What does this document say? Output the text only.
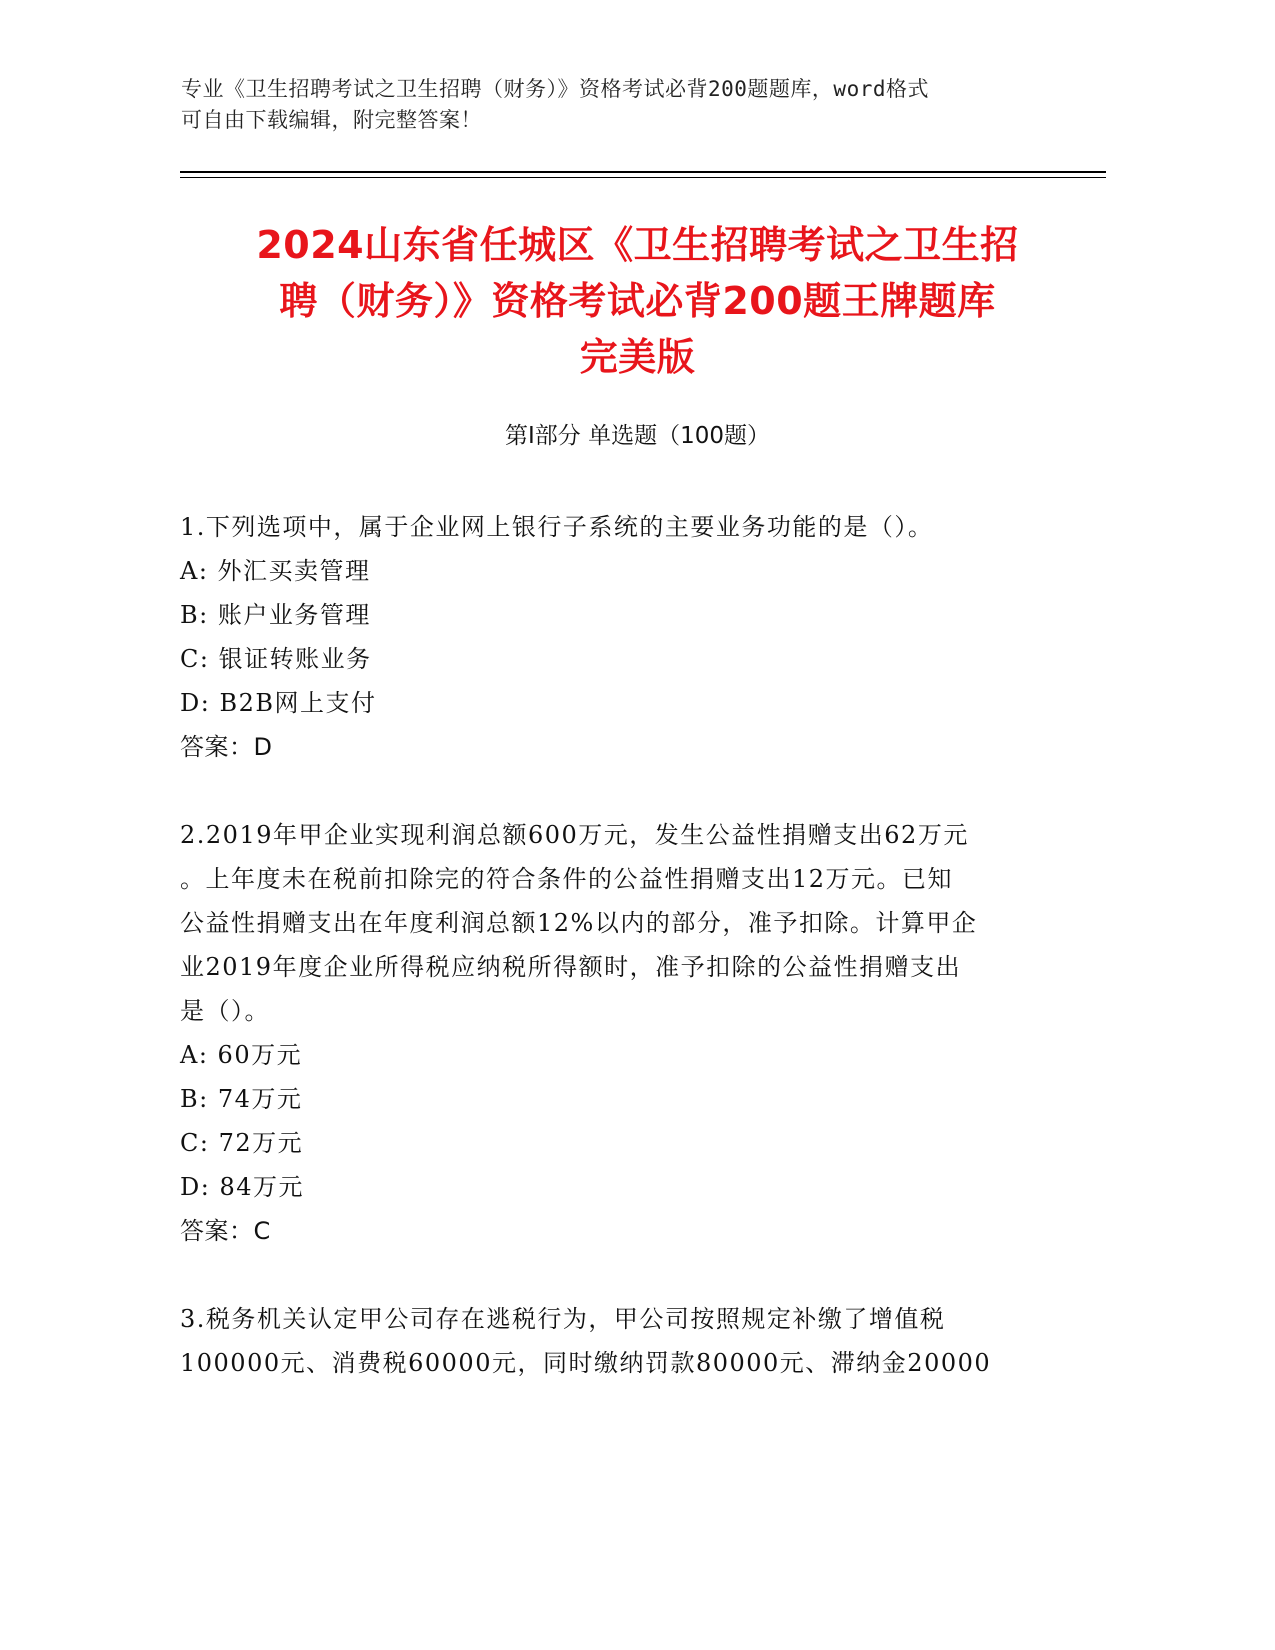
专业《卫生招聘考试之卫生招聘（财务）》资格考试必背200题题库，word格式
可自由下载编辑，附完整答案！
2024山东省任城区《卫生招聘考试之卫生招
聘（财务）》资格考试必背200题王牌题库
完美版
第Ⅰ部分 单选题（100题）

1.下列选项中，属于企业网上银行子系统的主要业务功能的是（）。

A: 外汇买卖管理

B: 账户业务管理

C: 银证转账业务

D: B2B网上支付

答案：D

2.2019年甲企业实现利润总额600万元，发生公益性捐赠支出62万元

。上年度未在税前扣除完的符合条件的公益性捐赠支出12万元。已知

公益性捐赠支出在年度利润总额12%以内的部分，准予扣除。计算甲企

业2019年度企业所得税应纳税所得额时，准予扣除的公益性捐赠支出

是（）。

A: 60万元

B: 74万元

C: 72万元

D: 84万元

答案：C

3.税务机关认定甲公司存在逃税行为，甲公司按照规定补缴了增值税

100000元、消费税60000元，同时缴纳罚款80000元、滞纳金20000
